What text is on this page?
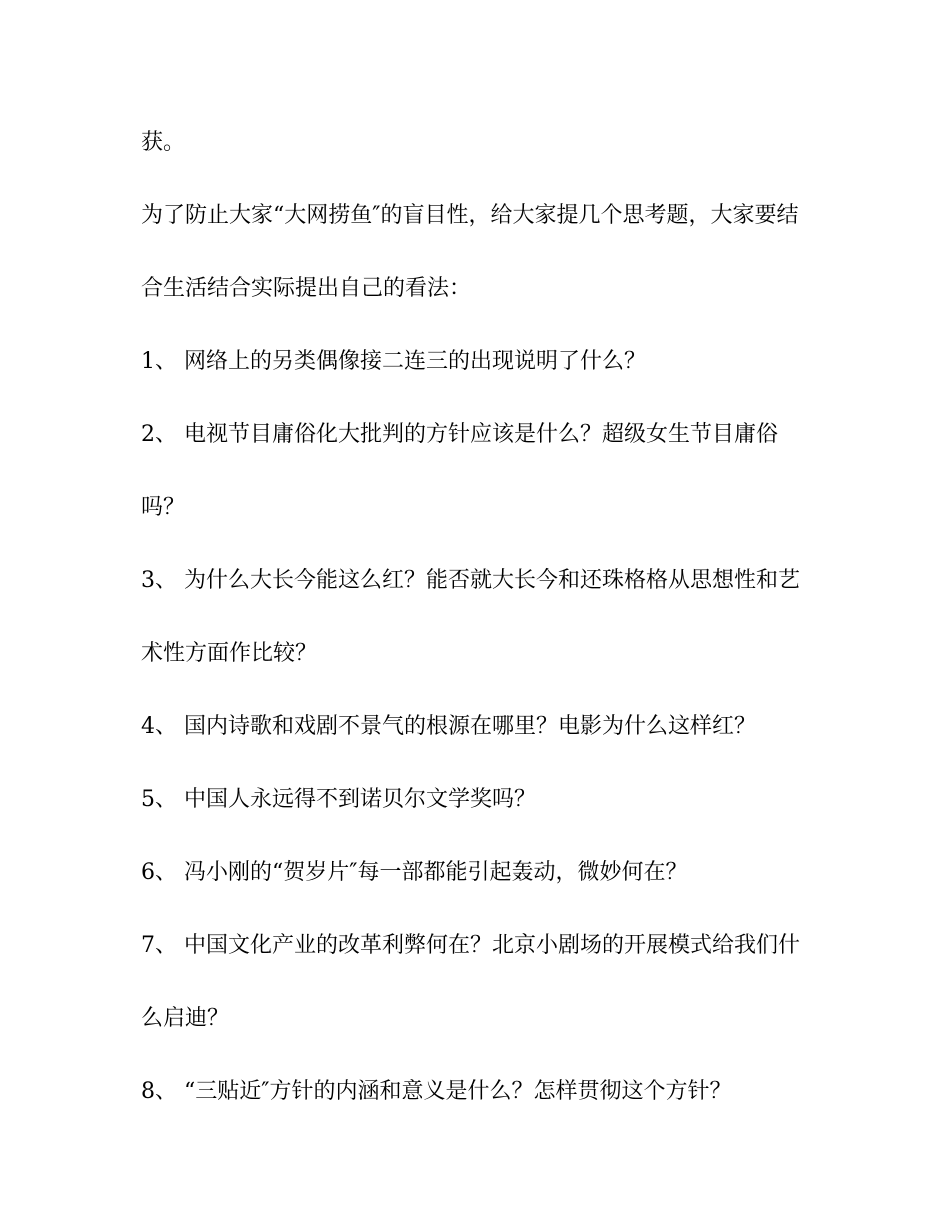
获。
为了防止大家“大网捞鱼″的盲目性，给大家提几个思考题，大家要结
合生活结合实际提出自己的看法：
1、 网络上的另类偶像接二连三的出现说明了什么？
2、 电视节目庸俗化大批判的方针应该是什么？超级女生节目庸俗
吗？
3、 为什么大长今能这么红？能否就大长今和还珠格格从思想性和艺
术性方面作比较？
4、 国内诗歌和戏剧不景气的根源在哪里？电影为什么这样红？
5、 中国人永远得不到诺贝尔文学奖吗？
6、 冯小刚的“贺岁片″每一部都能引起轰动，微妙何在？
7、 中国文化产业的改革利弊何在？北京小剧场的开展模式给我们什
么启迪？
8、 “三贴近″方针的内涵和意义是什么？怎样贯彻这个方针？
